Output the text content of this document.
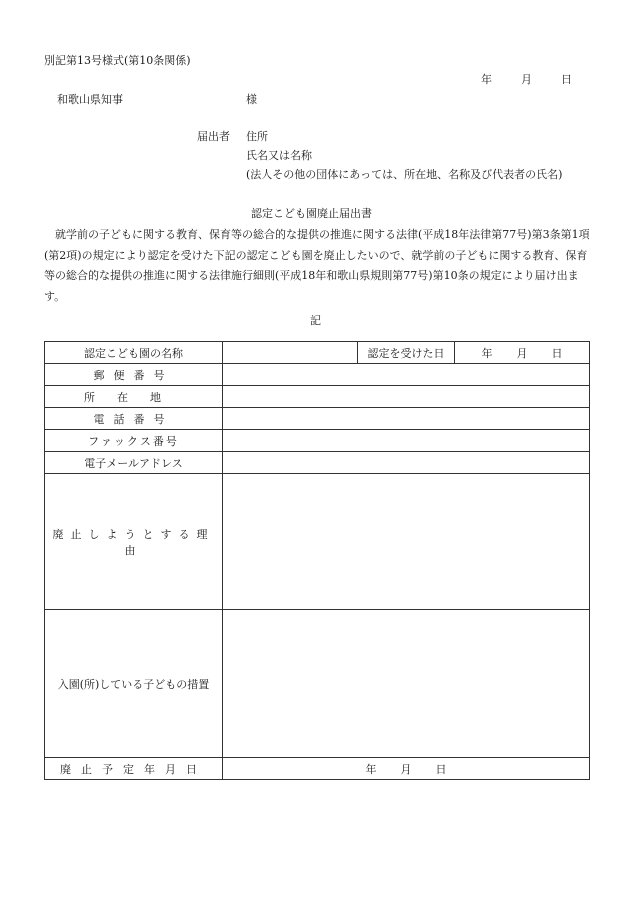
別記第13号様式(第10条関係)
年	月	日
和歌山県知事	様
届出者 住所
氏名又は名称
(法人その他の団体にあっては、所在地、名称及び代表者の氏名)
認定こども園廃止届出書
就学前の子どもに関する教育、保育等の総合的な提供の推進に関する法律(平成18年法律第77号)第3条第1項(第2項)の規定により認定を受けた下記の認定こども園を廃止したいので、就学前の子どもに関する教育、保育等の総合的な提供の推進に関する法律施行細則(平成18年和歌山県規則第77号)第10条の規定により届け出ます。
記
認定こども園の名称		認定を受けた日	年 月 日
郵便番号			
所在地			
電話番号			
ファックス番号			
電子メールアドレス			
廃止しようとする理由			
入園(所)している子どもの措置			
廃止予定年月日	年 月 日		
